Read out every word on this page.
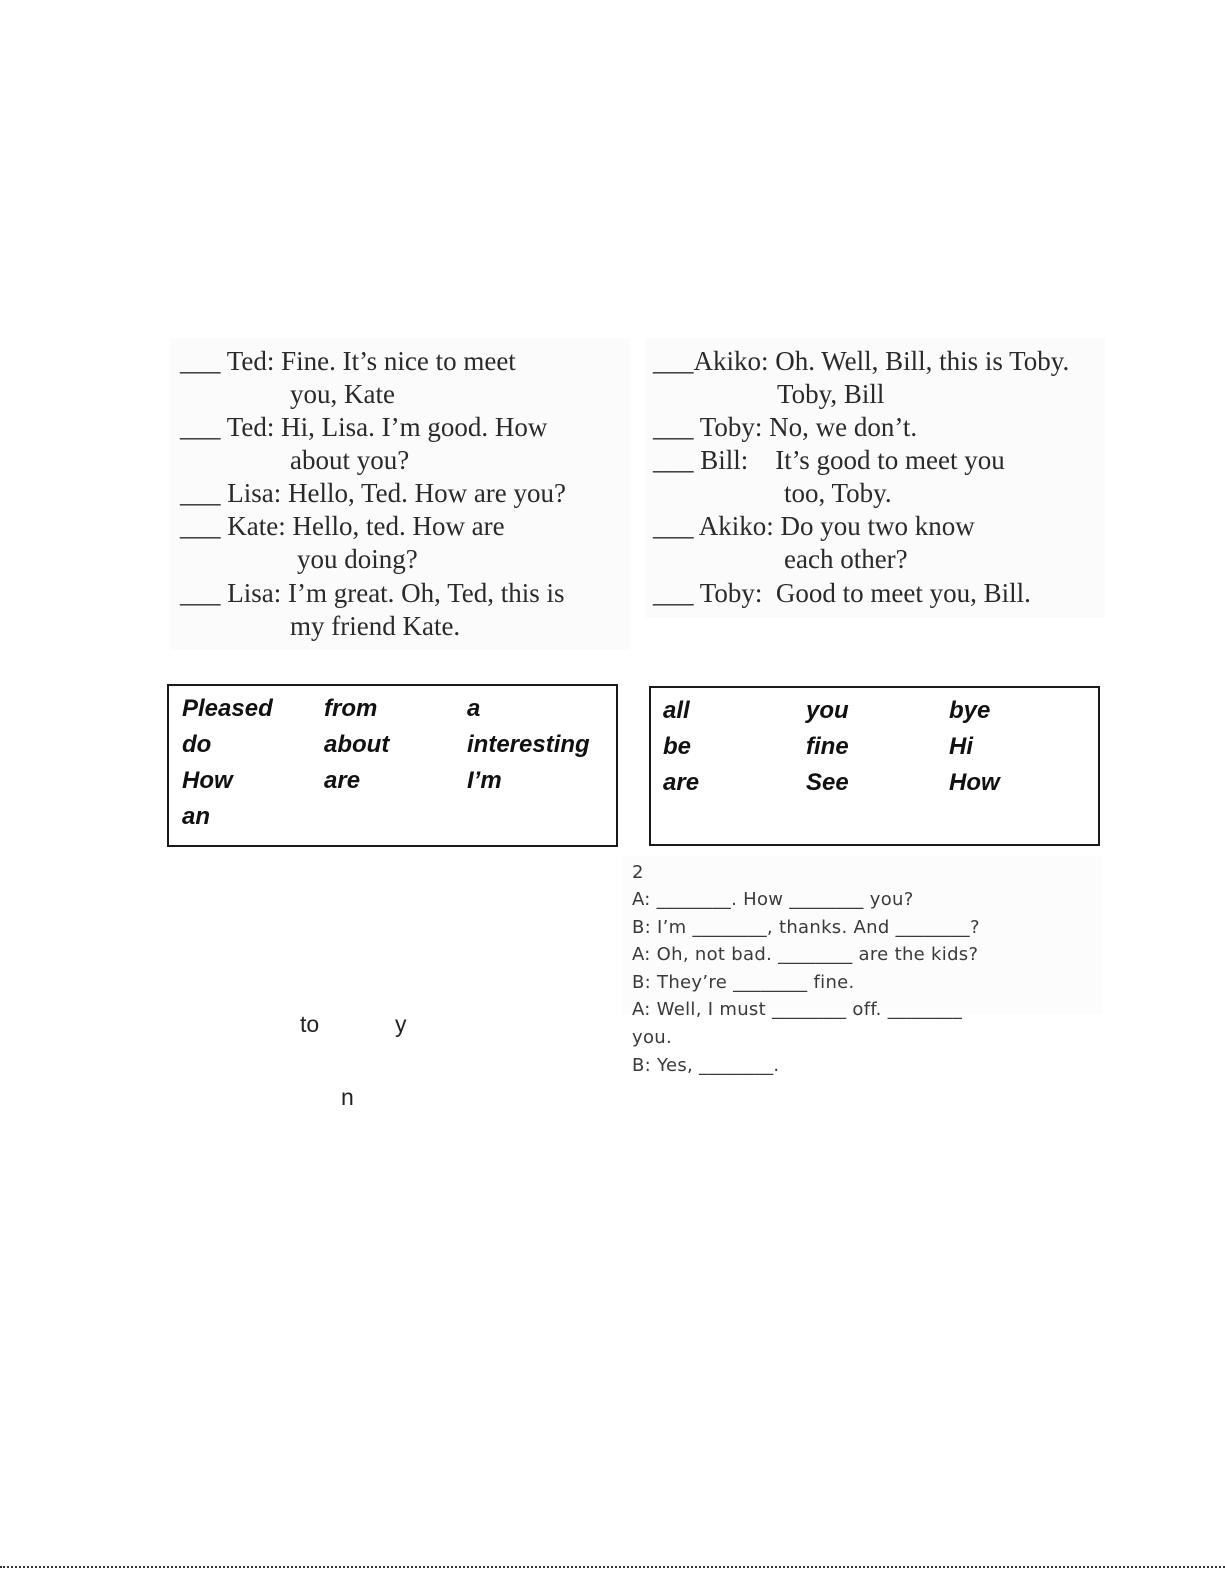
___ Ted: Fine. It’s nice to meet
you, Kate
___ Ted: Hi, Lisa. I’m good. How
about you?
___ Lisa: Hello, Ted. How are you?
___ Kate: Hello, ted. How are
you doing?
___ Lisa: I’m great. Oh, Ted, this is
my friend Kate.
___Akiko: Oh. Well, Bill, this is Toby.
Toby, Bill
___ Toby: No, we don’t.
___ Bill:    It’s good to meet you
too, Toby.
___ Akiko: Do you two know
each other?
___ Toby:  Good to meet you, Bill.
Pleased
do
How
an
from
about
are
a
interesting
I’m
all
be
are
you
fine
See
bye
Hi
How
2
A: ________. How ________ you?
B: I’m ________, thanks. And ________?
A: Oh, not bad. ________ are the kids?
B: They’re ________ fine.
A: Well, I must ________ off. ________
you.
B: Yes, ________.
to	y
n
